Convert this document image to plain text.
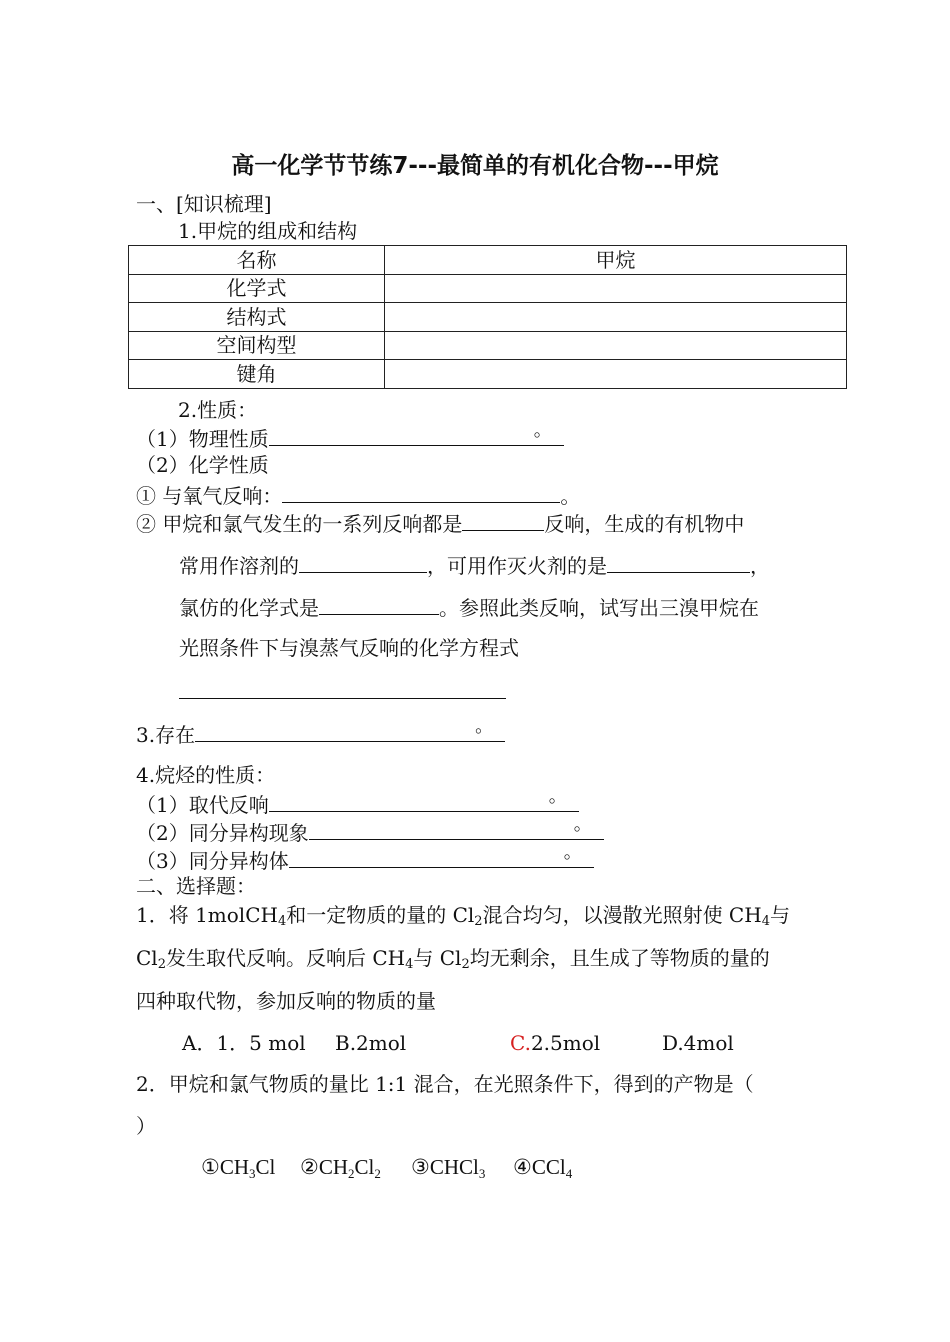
高一化学节节练7---最简单的有机化合物---甲烷
一、[知识梳理]
1.甲烷的组成和结构
名称	甲烷
化学式	
结构式	
空间构型	
键角	
2.性质：
（1）物理性质	。
（2）化学性质
① 与氧气反响：	。
② 甲烷和氯气发生的一系列反响都是	反响，生成的有机物中
常用作溶剂的	，可用作灭火剂的是	，
氯仿的化学式是	。参照此类反响，试写出三溴甲烷在
光照条件下与溴蒸气反响的化学方程式
3.存在	。
4.烷烃的性质：
（1）取代反响	。
（2）同分异构现象	。
（3）同分异构体	。
二、选择题：
1．将 1molCH4和一定物质的量的 Cl2混合均匀，以漫散光照射使 CH4与
Cl2发生取代反响。反响后 CH4与 Cl2均无剩余，且生成了等物质的量的
四种取代物，参加反响的物质的量
A．1．5 mol B.2mol	C.2.5mol	D.4mol
2．甲烷和氯气物质的量比 1:1 混合，在光照条件下，得到的产物是（
）
$①CH_3Cl$ $②CH_2Cl_2$ ③CHCl$_3$ ④CCl$_4$
